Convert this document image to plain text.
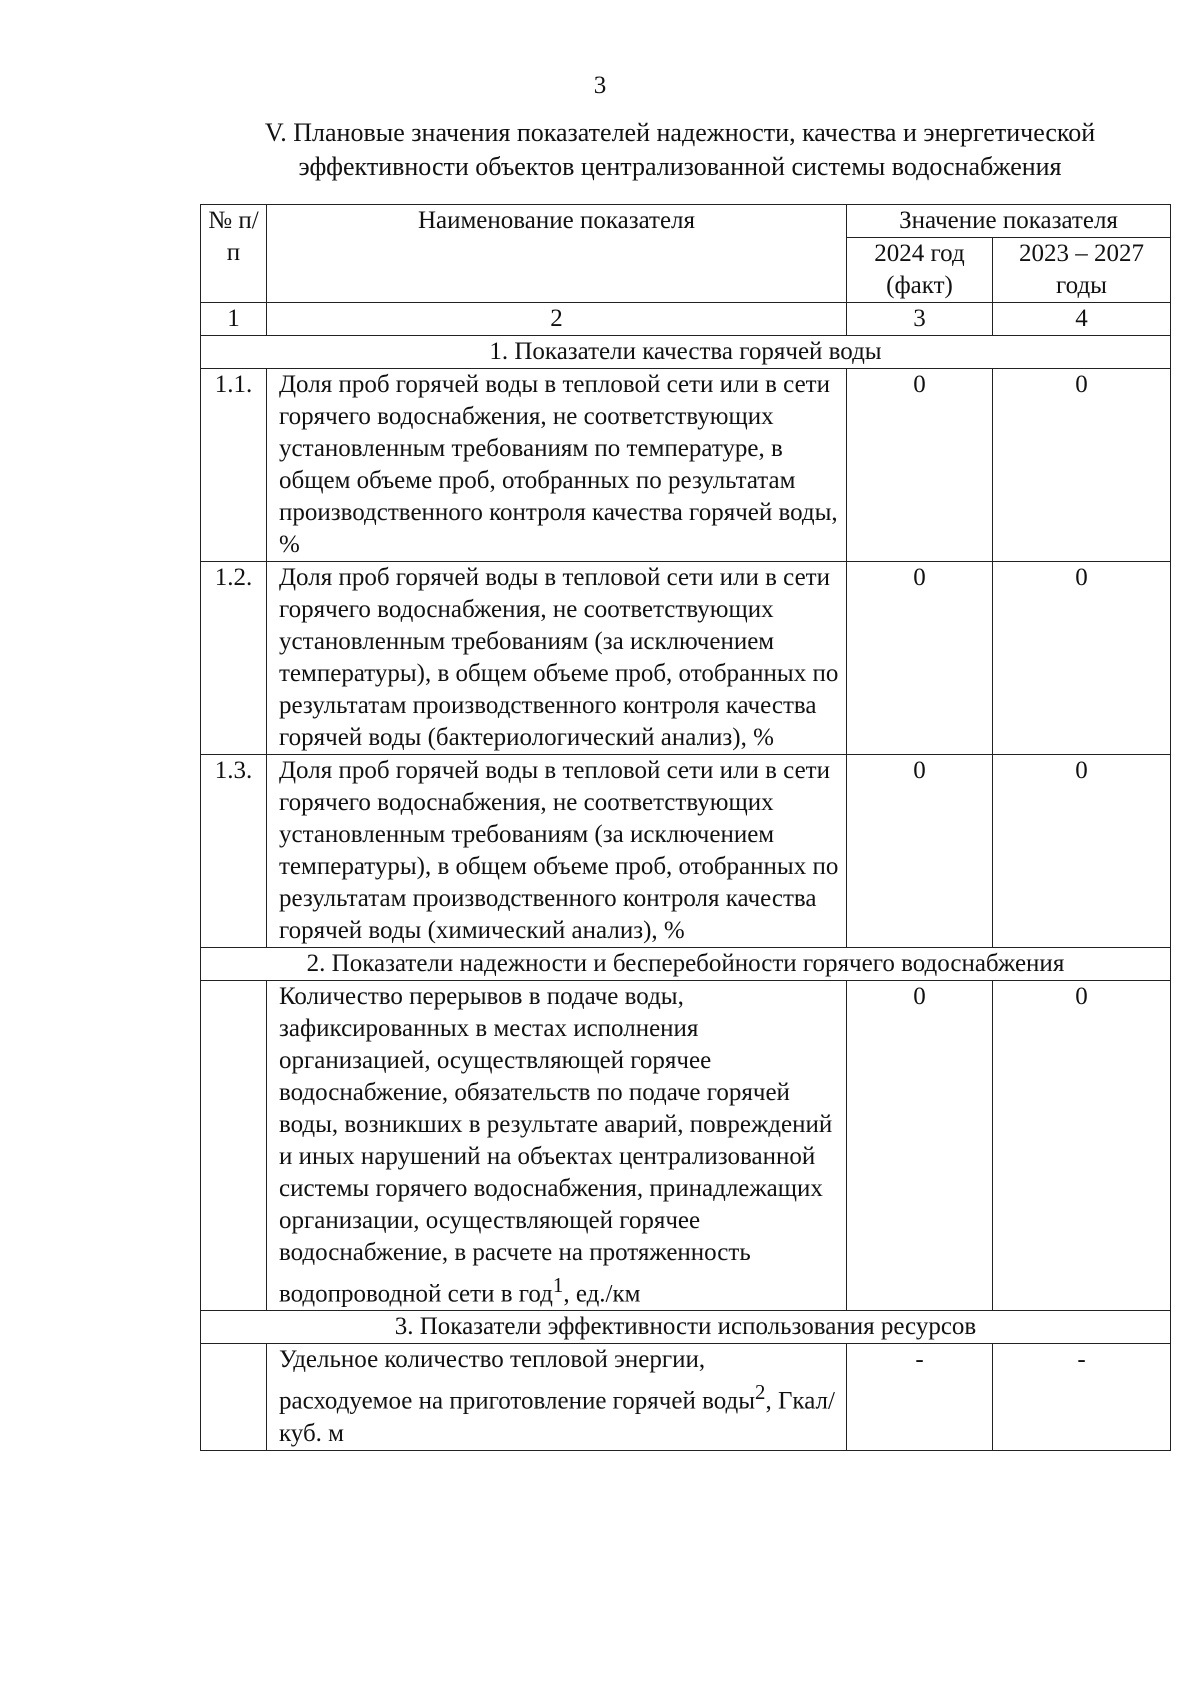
3
V. Плановые значения показателей надежности, качества и энергетической
эффективности объектов централизованной системы водоснабжения
№ п/п	Наименование показателя	Значение показателя	
		2024 год (факт)	2023 – 2027 годы
1	2	3	4
1. Показатели качества горячей воды			
1.1.	Доля проб горячей воды в тепловой сети или в сети горячего водоснабжения, не соответствующих установленным требованиям по температуре, в общем объеме проб, отобранных по результатам производственного контроля качества горячей воды, %	0	0
1.2.	Доля проб горячей воды в тепловой сети или в сети горячего водоснабжения, не соответствующих установленным требованиям (за исключением температуры), в общем объеме проб, отобранных по результатам производственного контроля качества горячей воды (бактериологический анализ), %	0	0
1.3.	Доля проб горячей воды в тепловой сети или в сети горячего водоснабжения, не соответствующих установленным требованиям (за исключением температуры), в общем объеме проб, отобранных по результатам производственного контроля качества горячей воды (химический анализ), %	0	0
2. Показатели надежности и бесперебойности горячего водоснабжения			
	Количество перерывов в подаче воды, зафиксированных в местах исполнения организацией, осуществляющей горячее водоснабжение, обязательств по подаче горячей воды, возникших в результате аварий, повреждений и иных нарушений на объектах централизованной системы горячего водоснабжения, принадлежащих организации, осуществляющей горячее водоснабжение, в расчете на протяженность водопроводной сети в год$^1$, ед./км	0	0
3. Показатели эффективности использования ресурсов			
	Удельное количество тепловой энергии, расходуемое на приготовление горячей воды$^2$, Гкал/ куб. м	-	-
